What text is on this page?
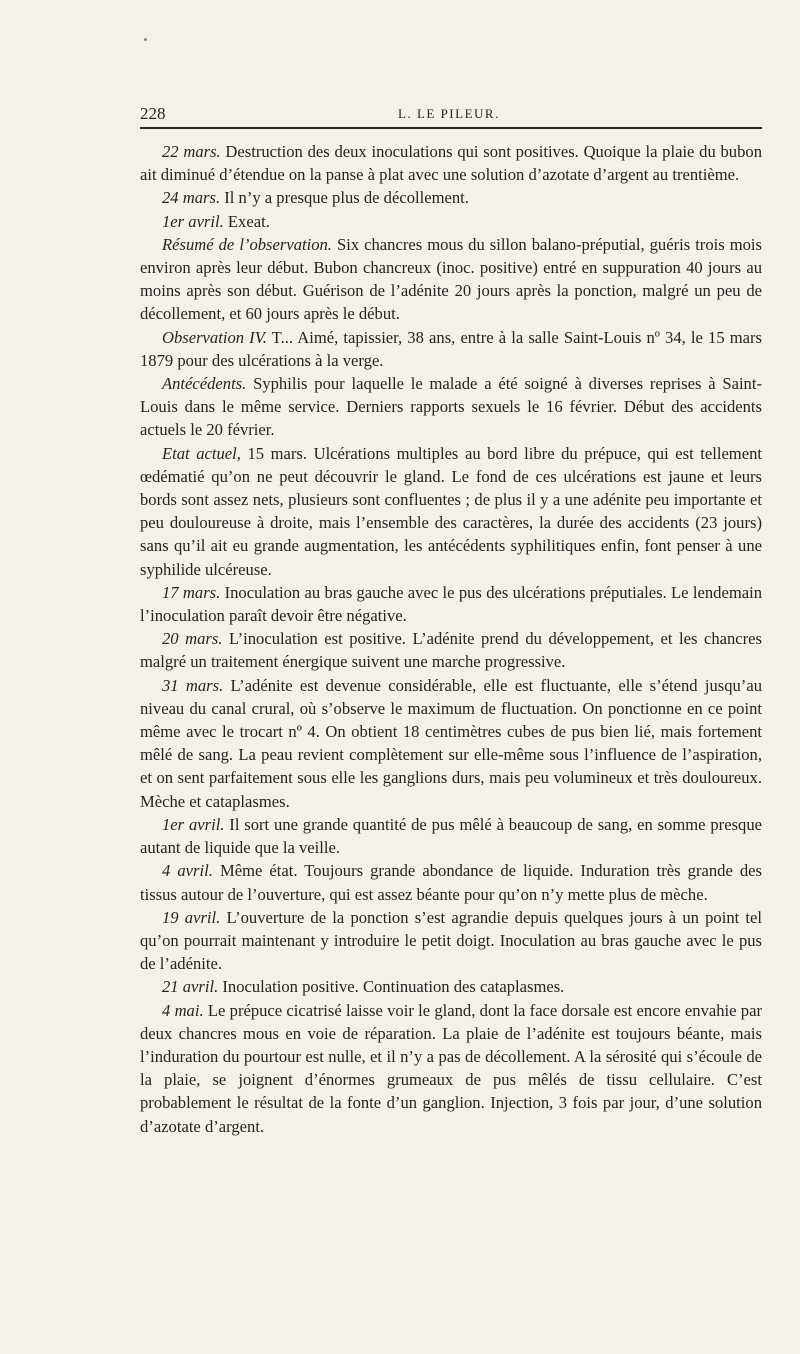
228	L. LE PILEUR.

22 mars. Destruction des deux inoculations qui sont positives. Quoique la plaie du bubon ait diminué d’étendue on la panse à plat avec une solution d’azotate d’argent au trentième.

24 mars. Il n’y a presque plus de décollement.

1er avril. Exeat.

Résumé de l’observation. Six chancres mous du sillon balano-préputial, guéris trois mois environ après leur début. Bubon chancreux (inoc. positive) entré en suppuration 40 jours au moins après son début. Guérison de l’adénite 20 jours après la ponction, malgré un peu de décollement, et 60 jours après le début.

Observation IV. T... Aimé, tapissier, 38 ans, entre à la salle Saint-Louis nº 34, le 15 mars 1879 pour des ulcérations à la verge.

Antécédents. Syphilis pour laquelle le malade a été soigné à diverses reprises à Saint-Louis dans le même service. Derniers rapports sexuels le 16 février. Début des accidents actuels le 20 février.

Etat actuel, 15 mars. Ulcérations multiples au bord libre du prépuce, qui est tellement œdématié qu’on ne peut découvrir le gland. Le fond de ces ulcérations est jaune et leurs bords sont assez nets, plusieurs sont confluentes ; de plus il y a une adénite peu importante et peu douloureuse à droite, mais l’ensemble des caractères, la durée des accidents (23 jours) sans qu’il ait eu grande augmentation, les antécédents syphilitiques enfin, font penser à une syphilide ulcéreuse.

17 mars. Inoculation au bras gauche avec le pus des ulcérations préputiales. Le lendemain l’inoculation paraît devoir être négative.

20 mars. L’inoculation est positive. L’adénite prend du développement, et les chancres malgré un traitement énergique suivent une marche progressive.

31 mars. L’adénite est devenue considérable, elle est fluctuante, elle s’étend jusqu’au niveau du canal crural, où s’observe le maximum de fluctuation. On ponctionne en ce point même avec le trocart nº 4. On obtient 18 centimètres cubes de pus bien lié, mais fortement mêlé de sang. La peau revient complètement sur elle-même sous l’influence de l’aspiration, et on sent parfaitement sous elle les ganglions durs, mais peu volumineux et très douloureux. Mèche et cataplasmes.

1er avril. Il sort une grande quantité de pus mêlé à beaucoup de sang, en somme presque autant de liquide que la veille.

4 avril. Même état. Toujours grande abondance de liquide. Induration très grande des tissus autour de l’ouverture, qui est assez béante pour qu’on n’y mette plus de mèche.

19 avril. L’ouverture de la ponction s’est agrandie depuis quelques jours à un point tel qu’on pourrait maintenant y introduire le petit doigt. Inoculation au bras gauche avec le pus de l’adénite.

21 avril. Inoculation positive. Continuation des cataplasmes.

4 mai. Le prépuce cicatrisé laisse voir le gland, dont la face dorsale est encore envahie par deux chancres mous en voie de réparation. La plaie de l’adénite est toujours béante, mais l’induration du pourtour est nulle, et il n’y a pas de décollement. A la sérosité qui s’écoule de la plaie, se joignent d’énormes grumeaux de pus mêlés de tissu cellulaire. C’est probablement le résultat de la fonte d’un ganglion. Injection, 3 fois par jour, d’une solution d’azotate d’argent.
